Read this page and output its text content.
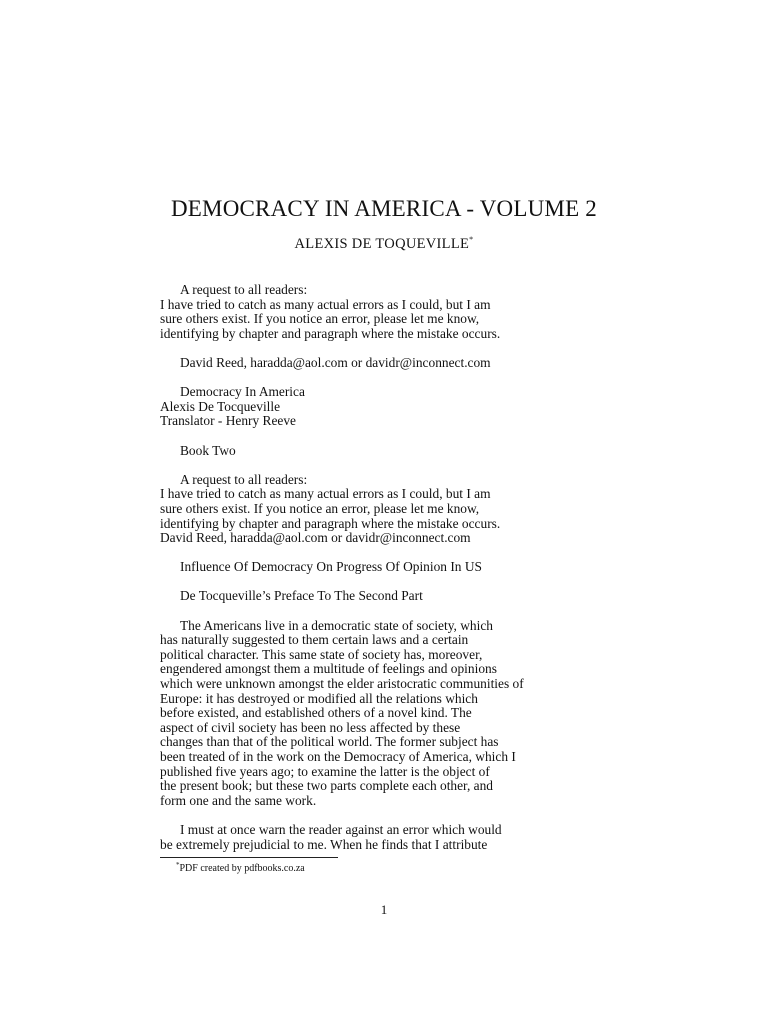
DEMOCRACY IN AMERICA - VOLUME 2
ALEXIS DE TOQUEVILLE*

A request to all readers:

I have tried to catch as many actual errors as I could, but I am

sure others exist. If you notice an error, please let me know,

identifying by chapter and paragraph where the mistake occurs.

David Reed, haradda@aol.com or davidr@inconnect.com

Democracy In America

Alexis De Tocqueville

Translator - Henry Reeve

Book Two

A request to all readers:

I have tried to catch as many actual errors as I could, but I am

sure others exist. If you notice an error, please let me know,

identifying by chapter and paragraph where the mistake occurs.

David Reed, haradda@aol.com or davidr@inconnect.com

Influence Of Democracy On Progress Of Opinion In US

De Tocqueville’s Preface To The Second Part

The Americans live in a democratic state of society, which

has naturally suggested to them certain laws and a certain

political character. This same state of society has, moreover,

engendered amongst them a multitude of feelings and opinions

which were unknown amongst the elder aristocratic communities of

Europe: it has destroyed or modified all the relations which

before existed, and established others of a novel kind. The

aspect of civil society has been no less affected by these

changes than that of the political world. The former subject has

been treated of in the work on the Democracy of America, which I

published five years ago; to examine the latter is the object of

the present book; but these two parts complete each other, and

form one and the same work.

I must at once warn the reader against an error which would

be extremely prejudicial to me. When he finds that I attribute

*PDF created by pdfbooks.co.za
1
